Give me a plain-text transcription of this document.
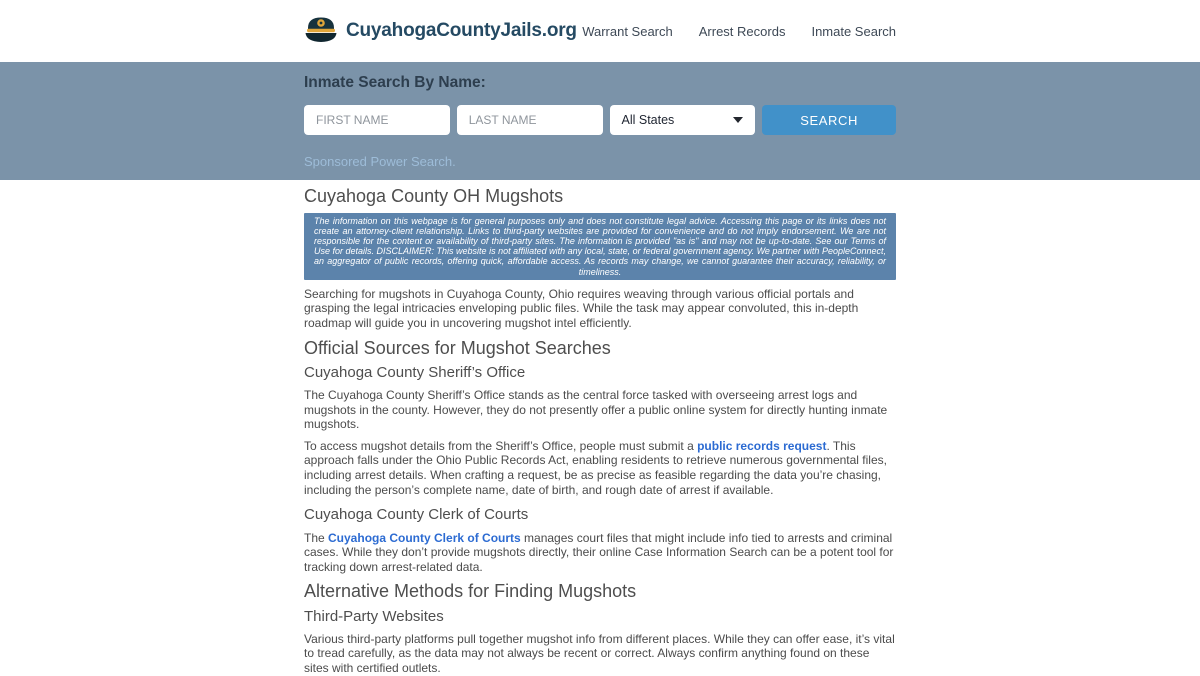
CuyahogaCountyJails.org Warrant Search Arrest Records Inmate Search
Inmate Search By Name:
FIRST NAME
LAST NAME
All States	SEARCH
Sponsored Power Search.
Cuyahoga County OH Mugshots
The information on this webpage is for general purposes only and does not constitute legal advice. Accessing this page or its links does not create an attorney-client relationship. Links to third-party websites are provided for convenience and do not imply endorsement. We are not responsible for the content or availability of third-party sites. The information is provided "as is" and may not be up-to-date. See our Terms of Use for details. DISCLAIMER: This website is not affiliated with any local, state, or federal government agency. We partner with PeopleConnect, an aggregator of public records, offering quick, affordable access. As records may change, we cannot guarantee their accuracy, reliability, or timeliness.

Searching for mugshots in Cuyahoga County, Ohio requires weaving through various official portals and grasping the legal intricacies enveloping public files. While the task may appear convoluted, this in-depth roadmap will guide you in uncovering mugshot intel efficiently.

Official Sources for Mugshot Searches
Cuyahoga County Sheriff’s Office

The Cuyahoga County Sheriff’s Office stands as the central force tasked with overseeing arrest logs and mugshots in the county. However, they do not presently offer a public online system for directly hunting inmate mugshots.

To access mugshot details from the Sheriff’s Office, people must submit a public records request. This approach falls under the Ohio Public Records Act, enabling residents to retrieve numerous governmental files, including arrest details. When crafting a request, be as precise as feasible regarding the data you’re chasing, including the person’s complete name, date of birth, and rough date of arrest if available.

Cuyahoga County Clerk of Courts

The Cuyahoga County Clerk of Courts manages court files that might include info tied to arrests and criminal cases. While they don’t provide mugshots directly, their online Case Information Search can be a potent tool for tracking down arrest-related data.

Alternative Methods for Finding Mugshots
Third-Party Websites

Various third-party platforms pull together mugshot info from different places. While they can offer ease, it’s vital to tread carefully, as the data may not always be recent or correct. Always confirm anything found on these sites with certified outlets.
